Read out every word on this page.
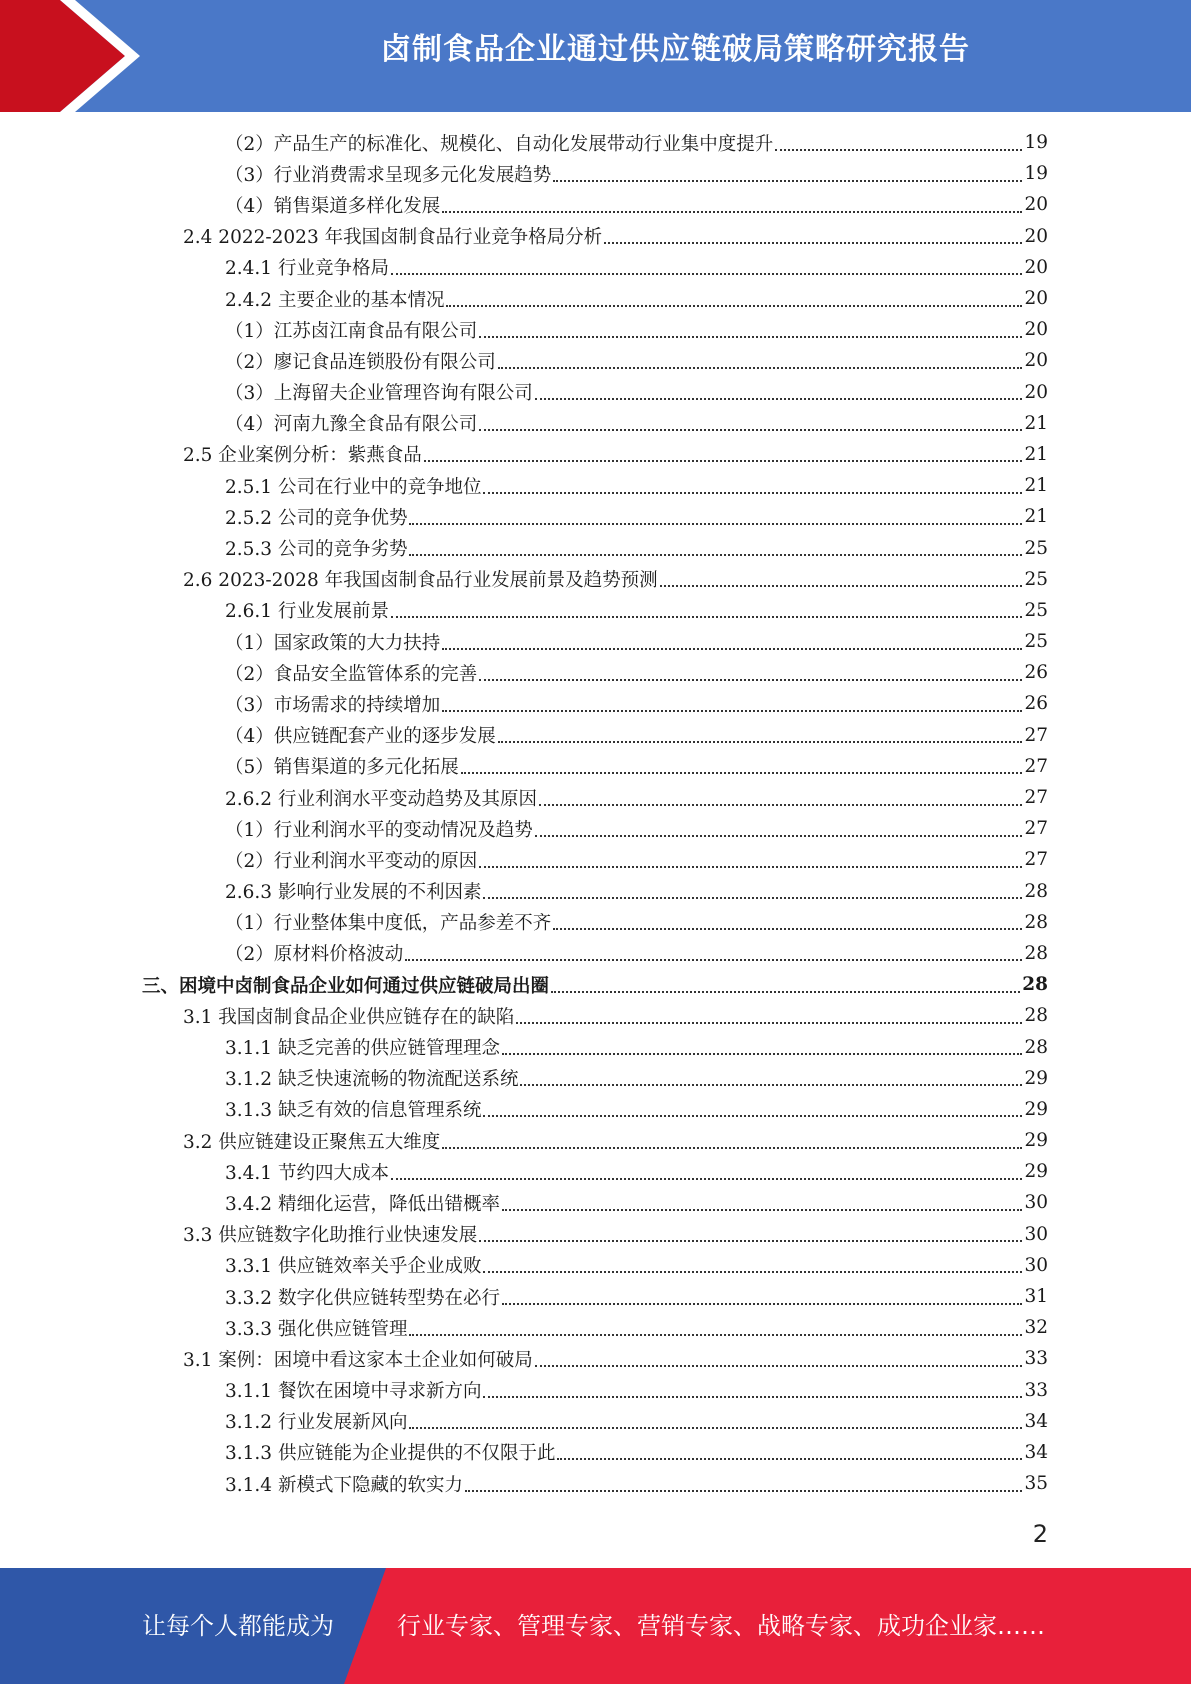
卤制食品企业通过供应链破局策略研究报告
（2）产品生产的标准化、规模化、自动化发展带动行业集中度提升	19
（3）行业消费需求呈现多元化发展趋势	19
（4）销售渠道多样化发展	20
2.4 2022-2023 年我国卤制食品行业竞争格局分析	20
2.4.1 行业竞争格局	20
2.4.2 主要企业的基本情况	20
（1）江苏卤江南食品有限公司	20
（2）廖记食品连锁股份有限公司	20
（3）上海留夫企业管理咨询有限公司	20
（4）河南九豫全食品有限公司	21
2.5 企业案例分析：紫燕食品	21
2.5.1 公司在行业中的竞争地位	21
2.5.2 公司的竞争优势	21
2.5.3 公司的竞争劣势	25
2.6 2023-2028 年我国卤制食品行业发展前景及趋势预测	25
2.6.1 行业发展前景	25
（1）国家政策的大力扶持	25
（2）食品安全监管体系的完善	26
（3）市场需求的持续增加	26
（4）供应链配套产业的逐步发展	27
（5）销售渠道的多元化拓展	27
2.6.2 行业利润水平变动趋势及其原因	27
（1）行业利润水平的变动情况及趋势	27
（2）行业利润水平变动的原因	27
2.6.3 影响行业发展的不利因素	28
（1）行业整体集中度低，产品参差不齐	28
（2）原材料价格波动	28
三、困境中卤制食品企业如何通过供应链破局出圈	28
3.1 我国卤制食品企业供应链存在的缺陷	28
3.1.1 缺乏完善的供应链管理理念	28
3.1.2 缺乏快速流畅的物流配送系统	29
3.1.3 缺乏有效的信息管理系统	29
3.2 供应链建设正聚焦五大维度	29
3.4.1 节约四大成本	29
3.4.2 精细化运营，降低出错概率	30
3.3 供应链数字化助推行业快速发展	30
3.3.1 供应链效率关乎企业成败	30
3.3.2 数字化供应链转型势在必行	31
3.3.3 强化供应链管理	32
3.1 案例：困境中看这家本土企业如何破局	33
3.1.1 餐饮在困境中寻求新方向	33
3.1.2 行业发展新风向	34
3.1.3 供应链能为企业提供的不仅限于此	34
3.1.4 新模式下隐藏的软实力	35
2
让每个人都能成为	行业专家、管理专家、营销专家、战略专家、成功企业家……
